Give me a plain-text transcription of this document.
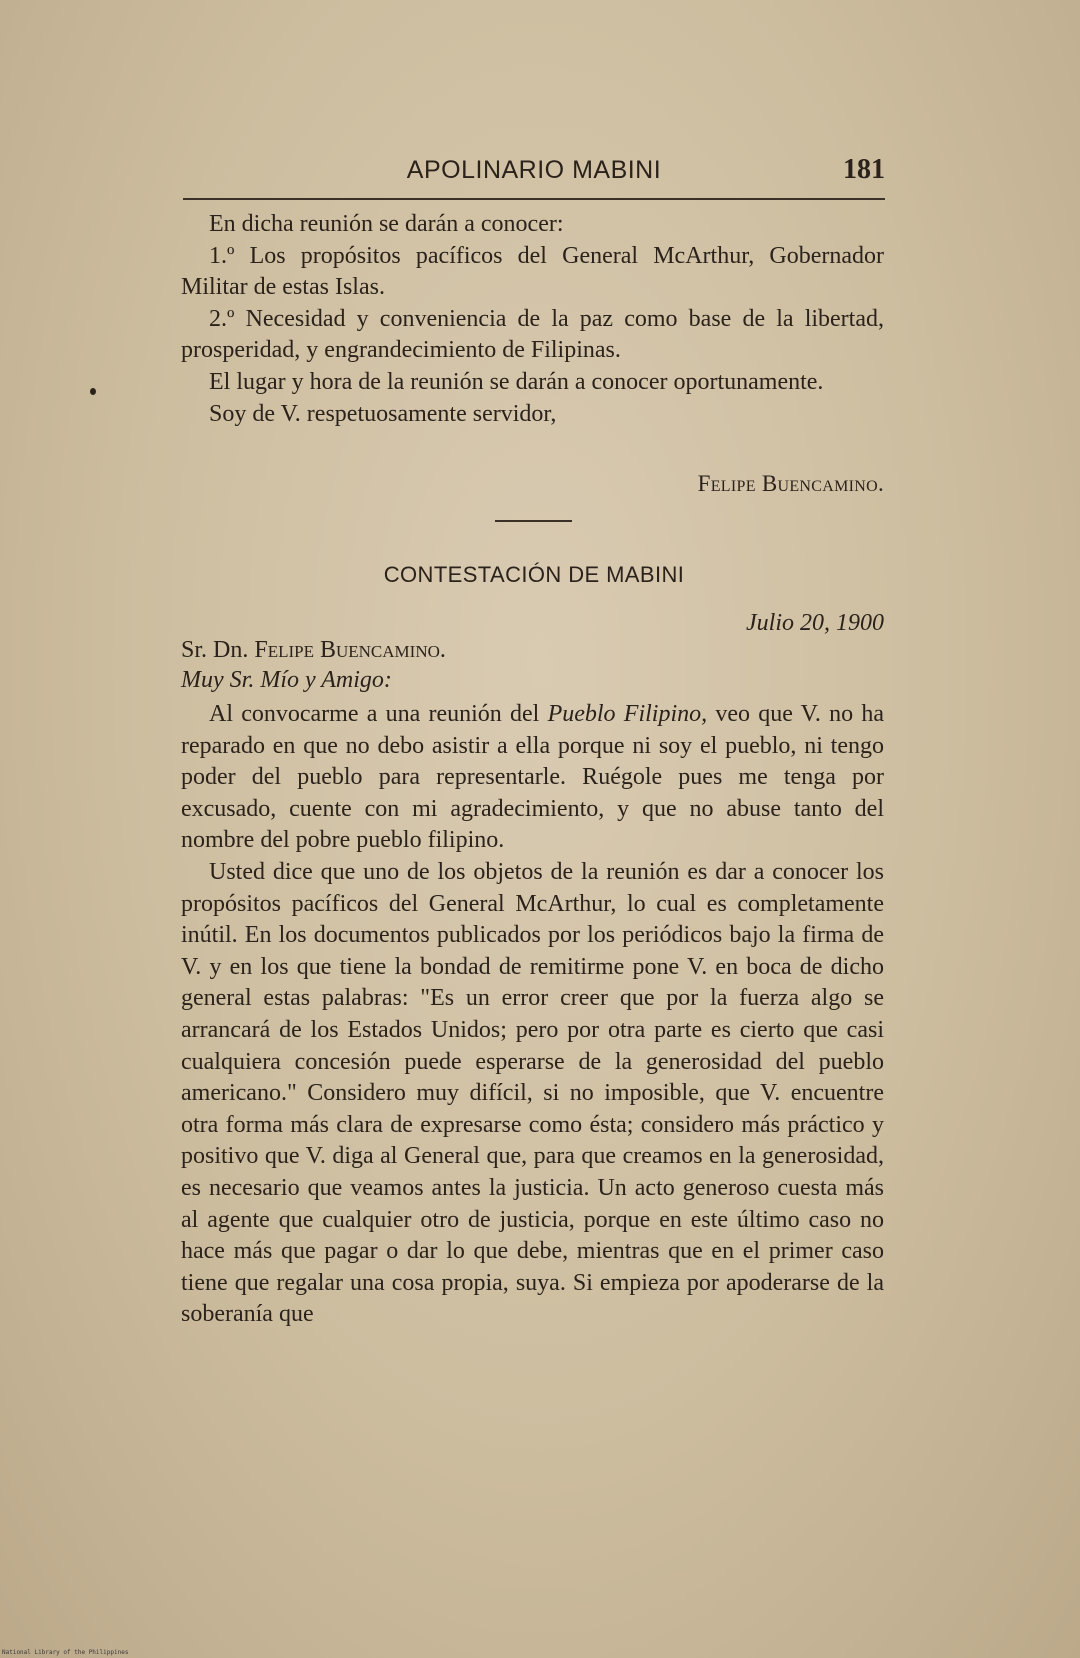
APOLINARIO MABINI	181

En dicha reunión se darán a conocer:

1.º Los propósitos pacíficos del General McArthur, Gobernador Militar de estas Islas.

2.º Necesidad y conveniencia de la paz como base de la libertad, prosperidad, y engrandecimiento de Filipinas.

El lugar y hora de la reunión se darán a conocer oportunamente.

Soy de V. respetuosamente servidor,

Felipe Buencamino.
CONTESTACIÓN DE MABINI
Julio 20, 1900
Sr. Dn. Felipe Buencamino.
Muy Sr. Mío y Amigo:

Al convocarme a una reunión del Pueblo Filipino, veo que V. no ha reparado en que no debo asistir a ella porque ni soy el pueblo, ni tengo poder del pueblo para representarle. Ruégole pues me tenga por excusado, cuente con mi agradecimiento, y que no abuse tanto del nombre del pobre pueblo filipino.

Usted dice que uno de los objetos de la reunión es dar a conocer los propósitos pacíficos del General McArthur, lo cual es completamente inútil. En los documentos publicados por los periódicos bajo la firma de V. y en los que tiene la bondad de remitirme pone V. en boca de dicho general estas palabras: "Es un error creer que por la fuerza algo se arrancará de los Estados Unidos; pero por otra parte es cierto que casi cualquiera concesión puede esperarse de la generosidad del pueblo americano." Considero muy difícil, si no imposible, que V. encuentre otra forma más clara de expresarse como ésta; considero más práctico y positivo que V. diga al General que, para que creamos en la generosidad, es necesario que veamos antes la justicia. Un acto generoso cuesta más al agente que cualquier otro de justicia, porque en este último caso no hace más que pagar o dar lo que debe, mientras que en el primer caso tiene que regalar una cosa propia, suya. Si empieza por apoderarse de la soberanía que

National Library of the Philippines
